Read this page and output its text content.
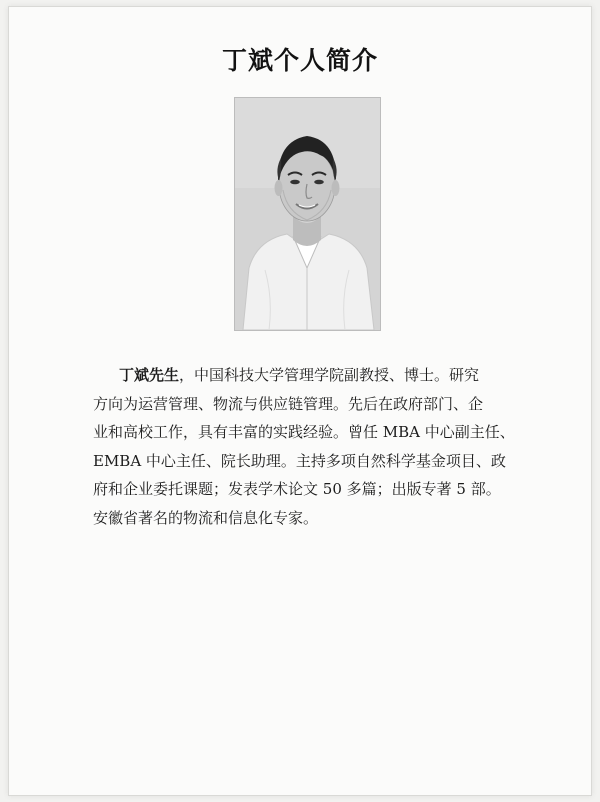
丁斌个人简介
丁斌先生，中国科技大学管理学院副教授、博士。研究
方向为运营管理、物流与供应链管理。先后在政府部门、企
业和高校工作，具有丰富的实践经验。曾任 MBA 中心副主任、
EMBA 中心主任、院长助理。主持多项自然科学基金项目、政
府和企业委托课题；发表学术论文 50 多篇；出版专著 5 部。
安徽省著名的物流和信息化专家。
